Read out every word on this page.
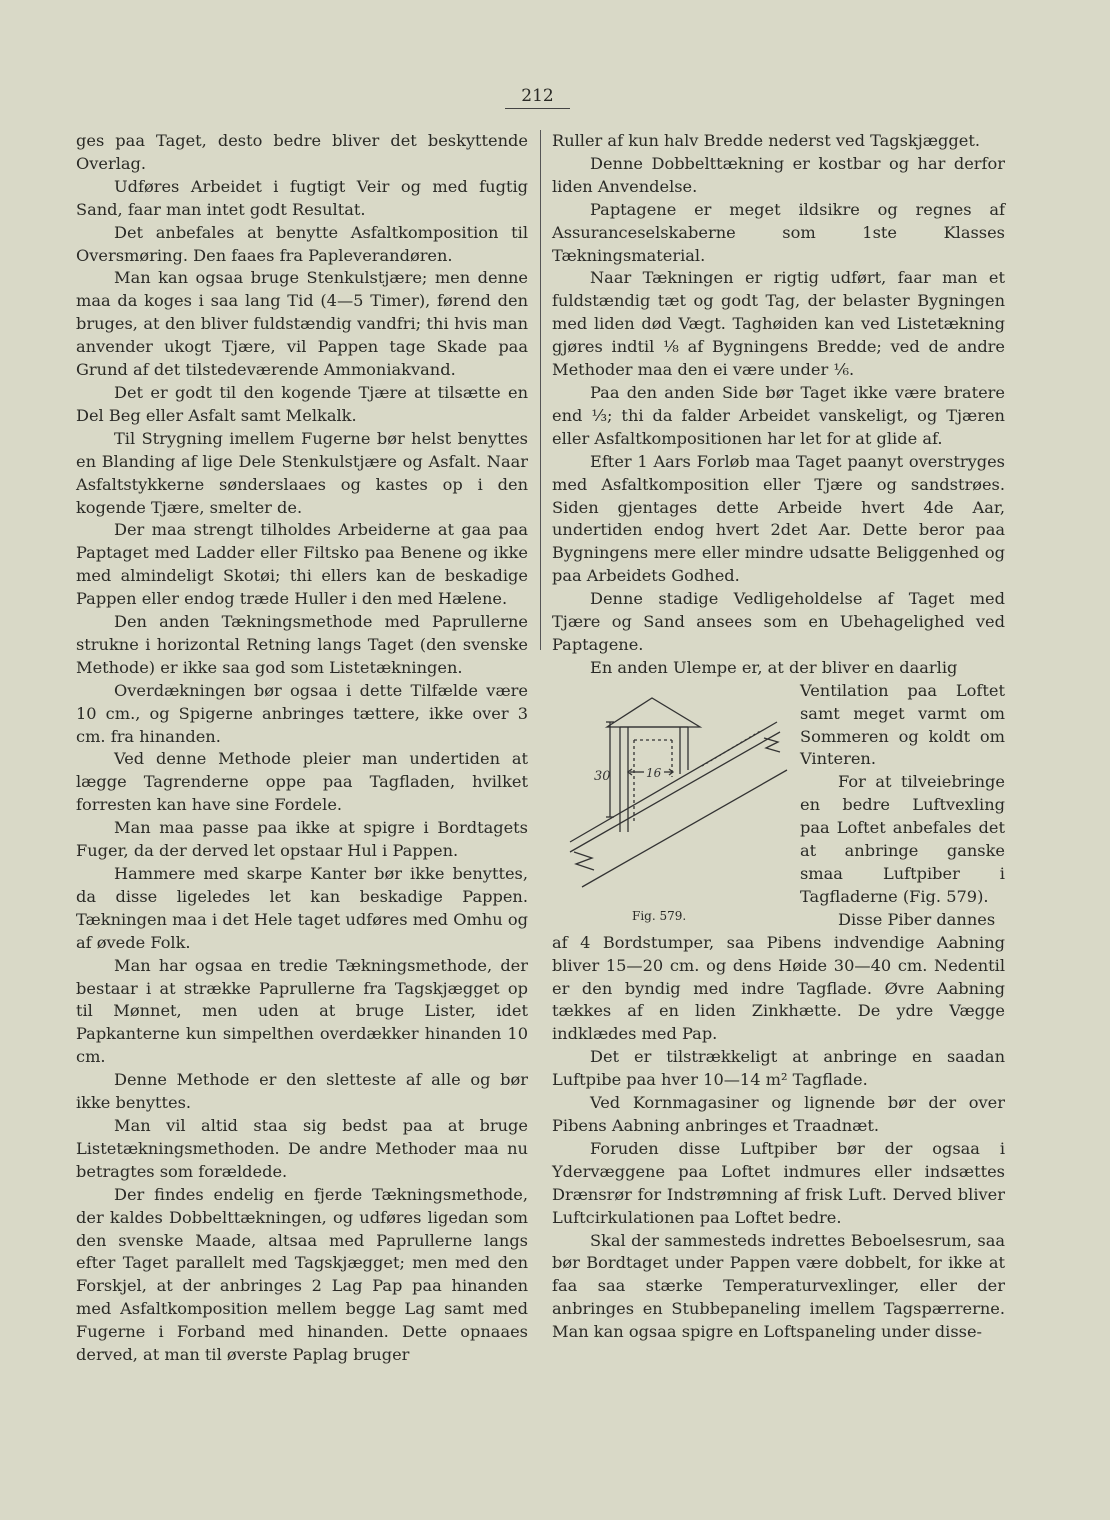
212

ges paa Taget, desto bedre bliver det beskyttende Overlag.

Udføres Arbeidet i fugtigt Veir og med fugtig Sand, faar man intet godt Resultat.

Det anbefales at benytte Asfaltkomposition til Oversmøring. Den faaes fra Papleverandøren.

Man kan ogsaa bruge Stenkulstjære; men denne maa da koges i saa lang Tid (4—5 Timer), førend den bruges, at den bliver fuldstændig vandfri; thi hvis man anvender ukogt Tjære, vil Pappen tage Skade paa Grund af det tilstedeværende Ammoniakvand.

Det er godt til den kogende Tjære at tilsætte en Del Beg eller Asfalt samt Melkalk.

Til Strygning imellem Fugerne bør helst benyttes en Blanding af lige Dele Stenkulstjære og Asfalt. Naar Asfaltstykkerne sønderslaaes og kastes op i den kogende Tjære, smelter de.

Der maa strengt tilholdes Arbeiderne at gaa paa Paptaget med Ladder eller Filtsko paa Benene og ikke med almindeligt Skotøi; thi ellers kan de beskadige Pappen eller endog træde Huller i den med Hælene.

Den anden Tækningsmethode med Paprullerne strukne i horizontal Retning langs Taget (den svenske Methode) er ikke saa god som Listetækningen.

Overdækningen bør ogsaa i dette Tilfælde være 10 cm., og Spigerne anbringes tættere, ikke over 3 cm. fra hinanden.

Ved denne Methode pleier man undertiden at lægge Tagrenderne oppe paa Tagfladen, hvilket forresten kan have sine Fordele.

Man maa passe paa ikke at spigre i Bordtagets Fuger, da der derved let opstaar Hul i Pappen.

Hammere med skarpe Kanter bør ikke benyttes, da disse ligeledes let kan beskadige Pappen. Tækningen maa i det Hele taget udføres med Omhu og af øvede Folk.

Man har ogsaa en tredie Tækningsmethode, der bestaar i at strække Paprullerne fra Tagskjægget op til Mønnet, men uden at bruge Lister, idet Papkanterne kun simpelthen overdækker hinanden 10 cm.

Denne Methode er den sletteste af alle og bør ikke benyttes.

Man vil altid staa sig bedst paa at bruge Listetækningsmethoden. De andre Methoder maa nu betragtes som forældede.

Der findes endelig en fjerde Tækningsmethode, der kaldes Dobbelttækningen, og udføres ligedan som den svenske Maade, altsaa med Paprullerne langs efter Taget parallelt med Tagskjægget; men med den Forskjel, at der anbringes 2 Lag Pap paa hinanden med Asfaltkomposition mellem begge Lag samt med Fugerne i Forband med hinanden. Dette opnaaes derved, at man til øverste Paplag bruger

Ruller af kun halv Bredde nederst ved Tagskjægget.

Denne Dobbelttækning er kostbar og har derfor liden Anvendelse.

Paptagene er meget ildsikre og regnes af Assuranceselskaberne som 1ste Klasses Tækningsmaterial.

Naar Tækningen er rigtig udført, faar man et fuldstændig tæt og godt Tag, der belaster Bygningen med liden død Vægt. Taghøiden kan ved Listetækning gjøres indtil ⅛ af Bygningens Bredde; ved de andre Methoder maa den ei være under ⅙.

Paa den anden Side bør Taget ikke være bratere end ⅓; thi da falder Arbeidet vanskeligt, og Tjæren eller Asfaltkompositionen har let for at glide af.

Efter 1 Aars Forløb maa Taget paanyt overstryges med Asfaltkomposition eller Tjære og sandstrøes. Siden gjentages dette Arbeide hvert 4de Aar, undertiden endog hvert 2det Aar. Dette beror paa Bygningens mere eller mindre udsatte Beliggenhed og paa Arbeidets Godhed.

Denne stadige Vedligeholdelse af Taget med Tjære og Sand ansees som en Ubehagelighed ved Paptagene.

En anden Ulempe er, at der bliver en daarlig

30	16
Fig. 579.

Ventilation paa Loftet samt meget varmt om Sommeren og koldt om Vinteren.

For at tilveiebringe en bedre Luftvexling paa Loftet anbefales det at anbringe ganske smaa Luftpiber i Tagfladerne (Fig. 579).

Disse Piber dannes

af 4 Bordstumper, saa Pibens indvendige Aabning bliver 15—20 cm. og dens Høide 30—40 cm. Nedentil er den byndig med indre Tagflade. Øvre Aabning tækkes af en liden Zinkhætte. De ydre Vægge indklædes med Pap.

Det er tilstrækkeligt at anbringe en saadan Luftpibe paa hver 10—14 m² Tagflade.

Ved Kornmagasiner og lignende bør der over Pibens Aabning anbringes et Traadnæt.

Foruden disse Luftpiber bør der ogsaa i Ydervæggene paa Loftet indmures eller indsættes Drænsrør for Indstrømning af frisk Luft. Derved bliver Luftcirkulationen paa Loftet bedre.

Skal der sammesteds indrettes Beboelsesrum, saa bør Bordtaget under Pappen være dobbelt, for ikke at faa saa stærke Temperaturvexlinger, eller der anbringes en Stubbepaneling imellem Tagspærrerne. Man kan ogsaa spigre en Loftspaneling under disse-
